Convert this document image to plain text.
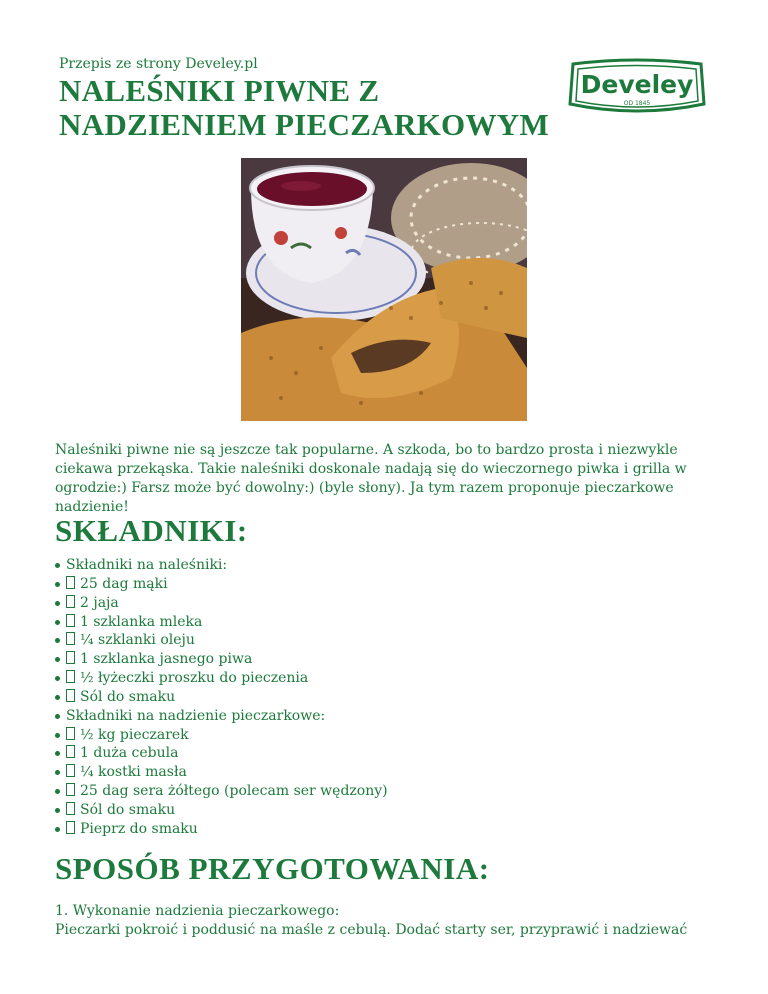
Przepis ze strony Develey.pl
NALEŚNIKI PIWNE Z
NADZIENIEM PIECZARKOWYM
Develey
OD 1845

Naleśniki piwne nie są jeszcze tak popularne. A szkoda, bo to bardzo prosta i niezwykle ciekawa przekąska. Takie naleśniki doskonale nadają się do wieczornego piwka i grilla w ogrodzie:) Farsz może być dowolny:) (byle słony). Ja tym razem proponuje pieczarkowe nadzienie!

SKŁADNIKI:
Składniki na naleśniki:
25 dag mąki
2 jaja
1 szklanka mleka
¼ szklanki oleju
1 szklanka jasnego piwa
½ łyżeczki proszku do pieczenia
Sól do smaku
Składniki na nadzienie pieczarkowe:
½ kg pieczarek
1 duża cebula
¼ kostki masła
25 dag sera żółtego (polecam ser wędzony)
Sól do smaku
Pieprz do smaku
SPOSÓB PRZYGOTOWANIA:
1. Wykonanie nadzienia pieczarkowego:
Pieczarki pokroić i poddusić na maśle z cebulą. Dodać starty ser, przyprawić i nadziewać
